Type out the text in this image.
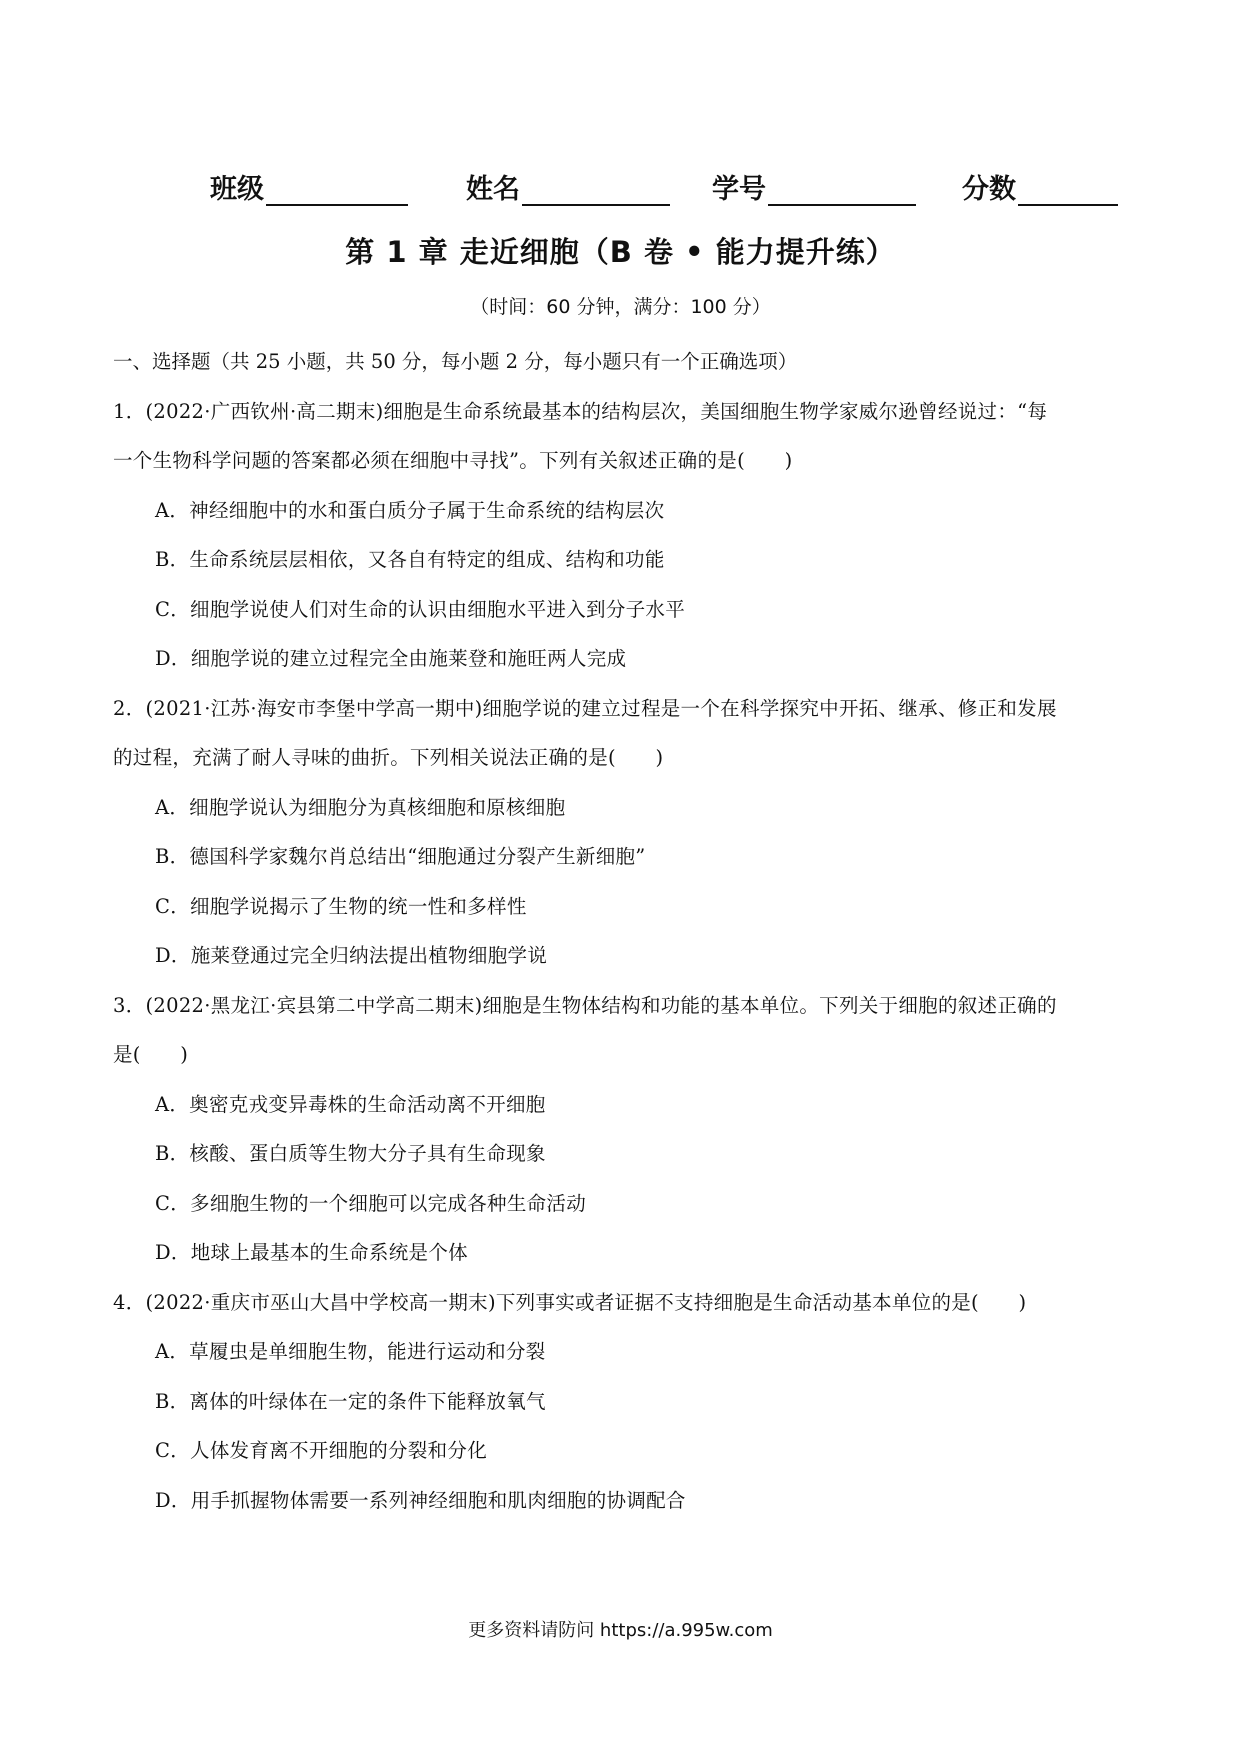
班级	姓名	学号	分数
第 1 章 走近细胞（B 卷 • 能力提升练）
（时间：60 分钟，满分：100 分）
一、选择题（共 25 小题，共 50 分，每小题 2 分，每小题只有一个正确选项）
1．(2022·广西钦州·高二期末)细胞是生命系统最基本的结构层次，美国细胞生物学家威尔逊曾经说过：“每
一个生物科学问题的答案都必须在细胞中寻找”。下列有关叙述正确的是(　　)
A．神经细胞中的水和蛋白质分子属于生命系统的结构层次
B．生命系统层层相依，又各自有特定的组成、结构和功能
C．细胞学说使人们对生命的认识由细胞水平进入到分子水平
D．细胞学说的建立过程完全由施莱登和施旺两人完成
2．(2021·江苏·海安市李堡中学高一期中)细胞学说的建立过程是一个在科学探究中开拓、继承、修正和发展
的过程，充满了耐人寻味的曲折。下列相关说法正确的是(　　)
A．细胞学说认为细胞分为真核细胞和原核细胞
B．德国科学家魏尔肖总结出“细胞通过分裂产生新细胞”
C．细胞学说揭示了生物的统一性和多样性
D．施莱登通过完全归纳法提出植物细胞学说
3．(2022·黑龙江·宾县第二中学高二期末)细胞是生物体结构和功能的基本单位。下列关于细胞的叙述正确的
是(　　)
A．奥密克戎变异毒株的生命活动离不开细胞
B．核酸、蛋白质等生物大分子具有生命现象
C．多细胞生物的一个细胞可以完成各种生命活动
D．地球上最基本的生命系统是个体
4．(2022·重庆市巫山大昌中学校高一期末)下列事实或者证据不支持细胞是生命活动基本单位的是(　　)
A．草履虫是单细胞生物，能进行运动和分裂
B．离体的叶绿体在一定的条件下能释放氧气
C．人体发育离不开细胞的分裂和分化
D．用手抓握物体需要一系列神经细胞和肌肉细胞的协调配合
更多资料请防问 https://a.995w.com
